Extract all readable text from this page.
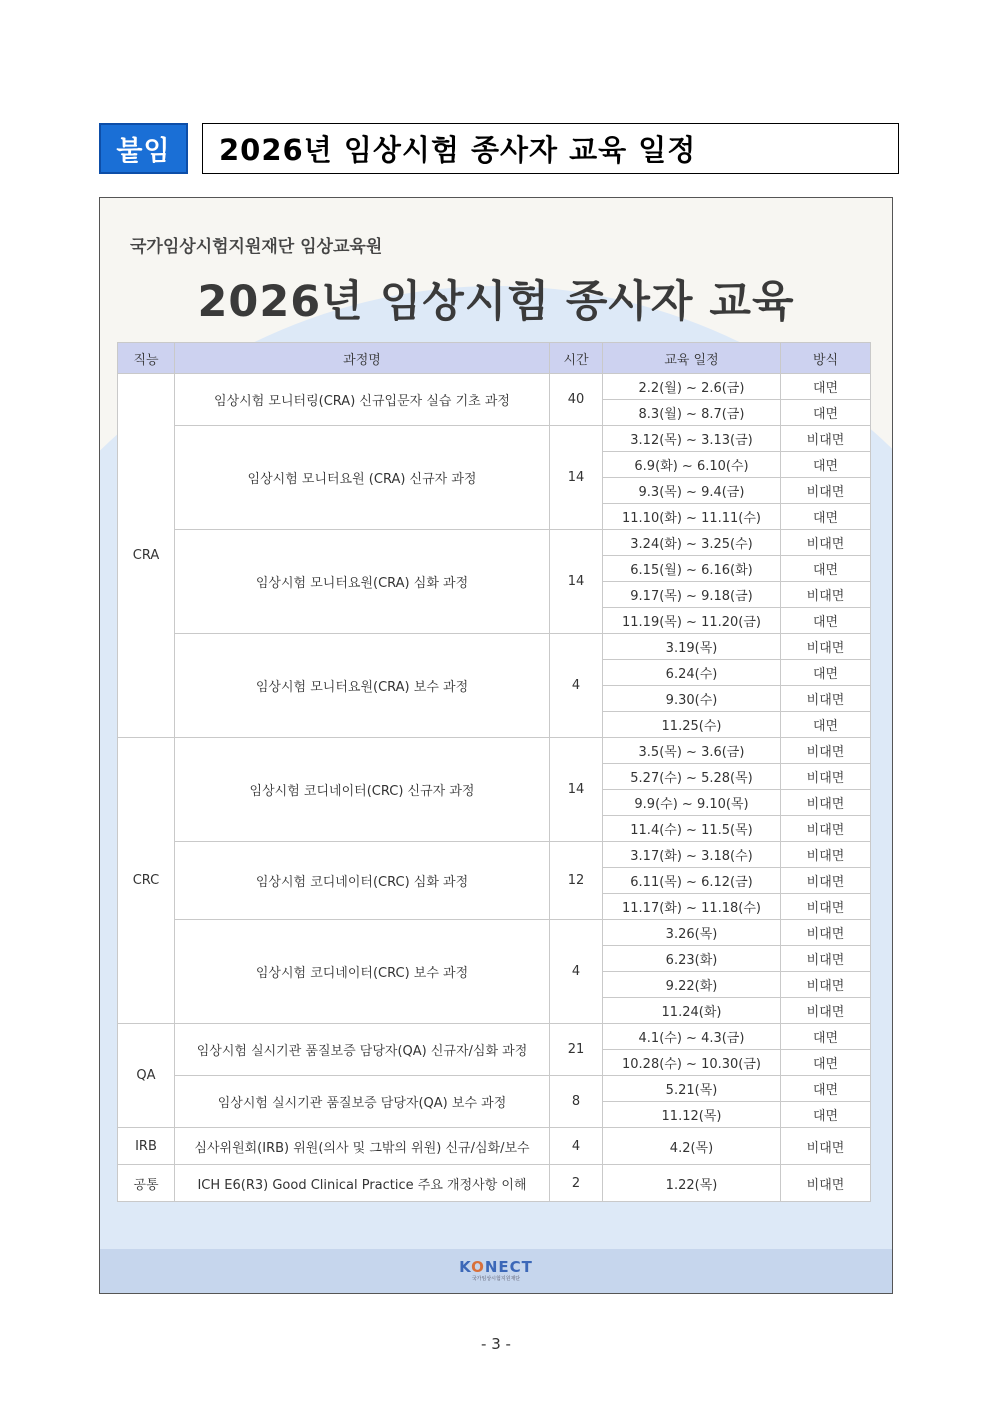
붙임	2026년 임상시험 종사자 교육 일정
국가임상시험지원재단 임상교육원
2026년 임상시험 종사자 교육
직능	과정명	시간	교육 일정	방식
CRA	임상시험 모니터링(CRA) 신규입문자 실습 기초 과정	40	2.2(월) ~ 2.6(금)	대면
			8.3(월) ~ 8.7(금)	대면
	임상시험 모니터요원 (CRA) 신규자 과정	14	3.12(목) ~ 3.13(금)	비대면
			6.9(화) ~ 6.10(수)	대면
			9.3(목) ~ 9.4(금)	비대면
			11.10(화) ~ 11.11(수)	대면
	임상시험 모니터요원(CRA) 심화 과정	14	3.24(화) ~ 3.25(수)	비대면
			6.15(월) ~ 6.16(화)	대면
			9.17(목) ~ 9.18(금)	비대면
			11.19(목) ~ 11.20(금)	대면
	임상시험 모니터요원(CRA) 보수 과정	4	3.19(목)	비대면
			6.24(수)	대면
			9.30(수)	비대면
			11.25(수)	대면
CRC	임상시험 코디네이터(CRC) 신규자 과정	14	3.5(목) ~ 3.6(금)	비대면
			5.27(수) ~ 5.28(목)	비대면
			9.9(수) ~ 9.10(목)	비대면
			11.4(수) ~ 11.5(목)	비대면
	임상시험 코디네이터(CRC) 심화 과정	12	3.17(화) ~ 3.18(수)	비대면
			6.11(목) ~ 6.12(금)	비대면
			11.17(화) ~ 11.18(수)	비대면
	임상시험 코디네이터(CRC) 보수 과정	4	3.26(목)	비대면
			6.23(화)	비대면
			9.22(화)	비대면
			11.24(화)	비대면
QA	임상시험 실시기관 품질보증 담당자(QA) 신규자/심화 과정	21	4.1(수) ~ 4.3(금)	대면
			10.28(수) ~ 10.30(금)	대면
	임상시험 실시기관 품질보증 담당자(QA) 보수 과정	8	5.21(목)	대면
			11.12(목)	대면
IRB	심사위원회(IRB) 위원(의사 및 그밖의 위원) 신규/심화/보수	4	4.2(목)	비대면
공통	ICH E6(R3) Good Clinical Practice 주요 개정사항 이해	2	1.22(목)	비대면
KONECT
국가임상시험지원재단
- 3 -
